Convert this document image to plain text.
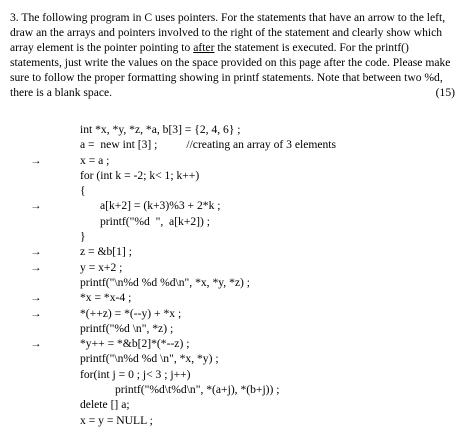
3. The following program in C uses pointers. For the statements that have an arrow to the left,
draw an the arrays and pointers involved to the right of the statement and clearly show which
array element is the pointer pointing to after the statement is executed. For the printf()
statements, just write the values on the space provided on this page after the code. Please make
sure to follow the proper formatting showing in printf statements. Note that between two %d,
there is a blank space.	(15)
int *x, *y, *z, *a, b[3] = {2, 4, 6} ;
a =  new int [3] ;          //creating an array of 3 elements
→	x = a ;
for (int k = -2; k< 1; k++)
{
→	a[k+2] = (k+3)%3 + 2*k ;
printf("%d  ",  a[k+2]) ;
}
→	z = &b[1] ;
→	y = x+2 ;
printf("\n%d %d %d\n", *x, *y, *z) ;
→	*x = *x-4 ;
→	*(++z) = *(--y) + *x ;
printf("%d \n", *z) ;
→	*y++ = *&b[2]*(*--z) ;
printf("\n%d %d \n", *x, *y) ;
for(int j = 0 ; j< 3 ; j++)
printf("%d\t%d\n", *(a+j), *(b+j)) ;
delete [] a;
x = y = NULL ;
